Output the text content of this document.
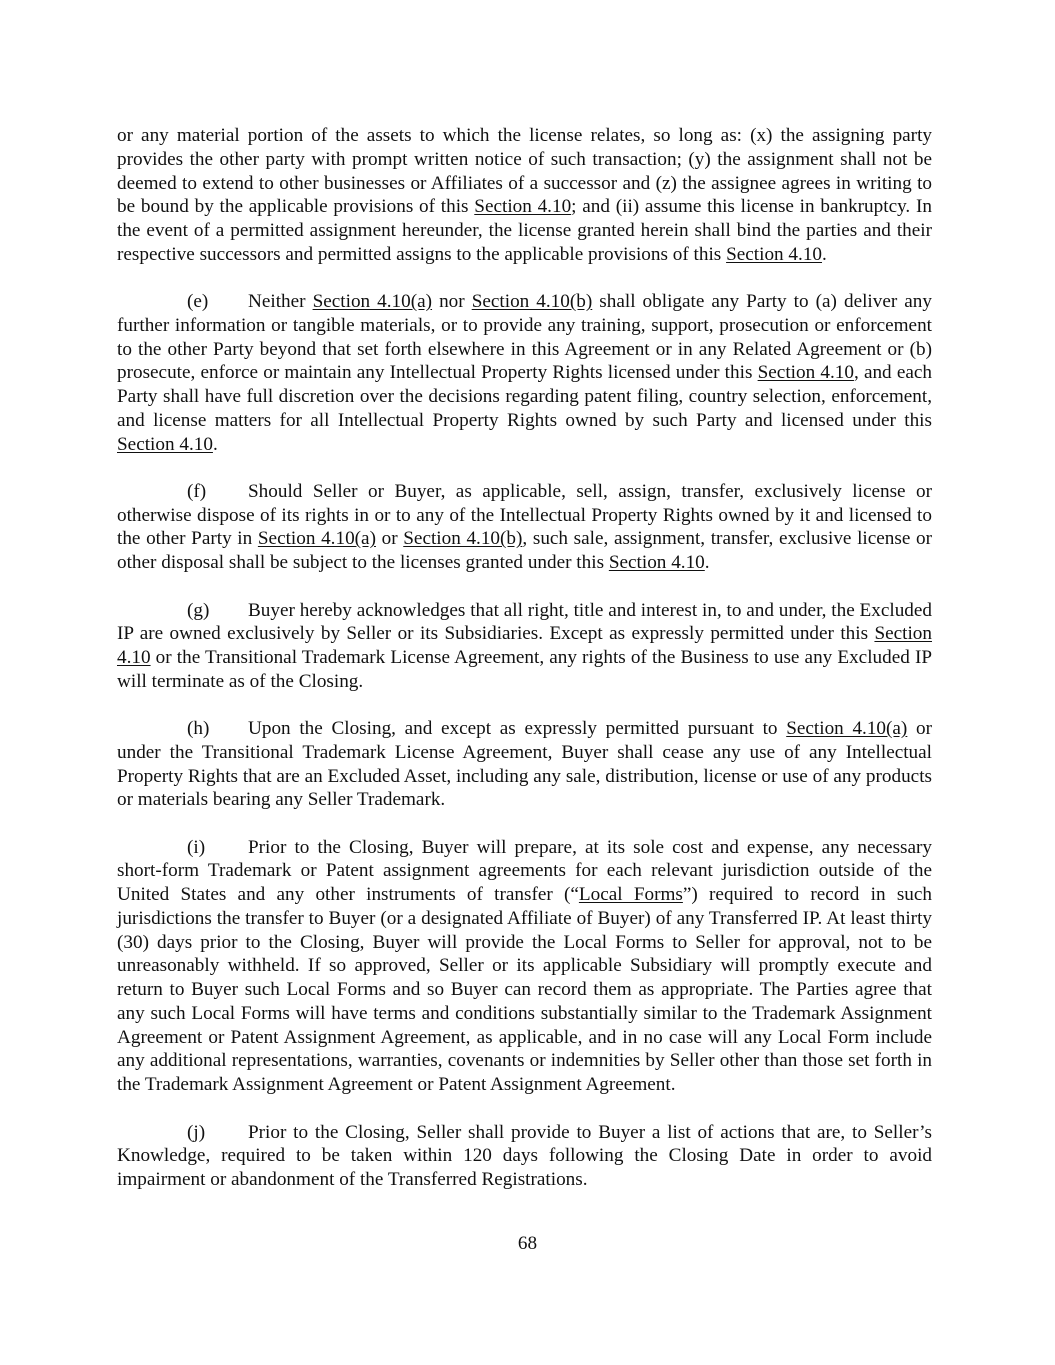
or any material portion of the assets to which the license relates, so long as: (x) the assigning party provides the other party with prompt written notice of such transaction; (y) the assignment shall not be deemed to extend to other businesses or Affiliates of a successor and (z) the assignee agrees in writing to be bound by the applicable provisions of this Section 4.10; and (ii) assume this license in bankruptcy. In the event of a permitted assignment hereunder, the license granted herein shall bind the parties and their respective successors and permitted assigns to the applicable provisions of this Section 4.10.

(e) Neither Section 4.10(a) nor Section 4.10(b) shall obligate any Party to (a) deliver any further information or tangible materials, or to provide any training, support, prosecution or enforcement to the other Party beyond that set forth elsewhere in this Agreement or in any Related Agreement or (b) prosecute, enforce or maintain any Intellectual Property Rights licensed under this Section 4.10, and each Party shall have full discretion over the decisions regarding patent filing, country selection, enforcement, and license matters for all Intellectual Property Rights owned by such Party and licensed under this Section 4.10.

(f) Should Seller or Buyer, as applicable, sell, assign, transfer, exclusively license or otherwise dispose of its rights in or to any of the Intellectual Property Rights owned by it and licensed to the other Party in Section 4.10(a) or Section 4.10(b), such sale, assignment, transfer, exclusive license or other disposal shall be subject to the licenses granted under this Section 4.10.

(g) Buyer hereby acknowledges that all right, title and interest in, to and under, the Excluded IP are owned exclusively by Seller or its Subsidiaries. Except as expressly permitted under this Section 4.10 or the Transitional Trademark License Agreement, any rights of the Business to use any Excluded IP will terminate as of the Closing.

(h) Upon the Closing, and except as expressly permitted pursuant to Section 4.10(a) or under the Transitional Trademark License Agreement, Buyer shall cease any use of any Intellectual Property Rights that are an Excluded Asset, including any sale, distribution, license or use of any products or materials bearing any Seller Trademark.

(i) Prior to the Closing, Buyer will prepare, at its sole cost and expense, any necessary short-form Trademark or Patent assignment agreements for each relevant jurisdiction outside of the United States and any other instruments of transfer (“Local Forms”) required to record in such jurisdictions the transfer to Buyer (or a designated Affiliate of Buyer) of any Transferred IP. At least thirty (30) days prior to the Closing, Buyer will provide the Local Forms to Seller for approval, not to be unreasonably withheld. If so approved, Seller or its applicable Subsidiary will promptly execute and return to Buyer such Local Forms and so Buyer can record them as appropriate. The Parties agree that any such Local Forms will have terms and conditions substantially similar to the Trademark Assignment Agreement or Patent Assignment Agreement, as applicable, and in no case will any Local Form include any additional representations, warranties, covenants or indemnities by Seller other than those set forth in the Trademark Assignment Agreement or Patent Assignment Agreement.

(j) Prior to the Closing, Seller shall provide to Buyer a list of actions that are, to Seller’s Knowledge, required to be taken within 120 days following the Closing Date in order to avoid impairment or abandonment of the Transferred Registrations.

68
